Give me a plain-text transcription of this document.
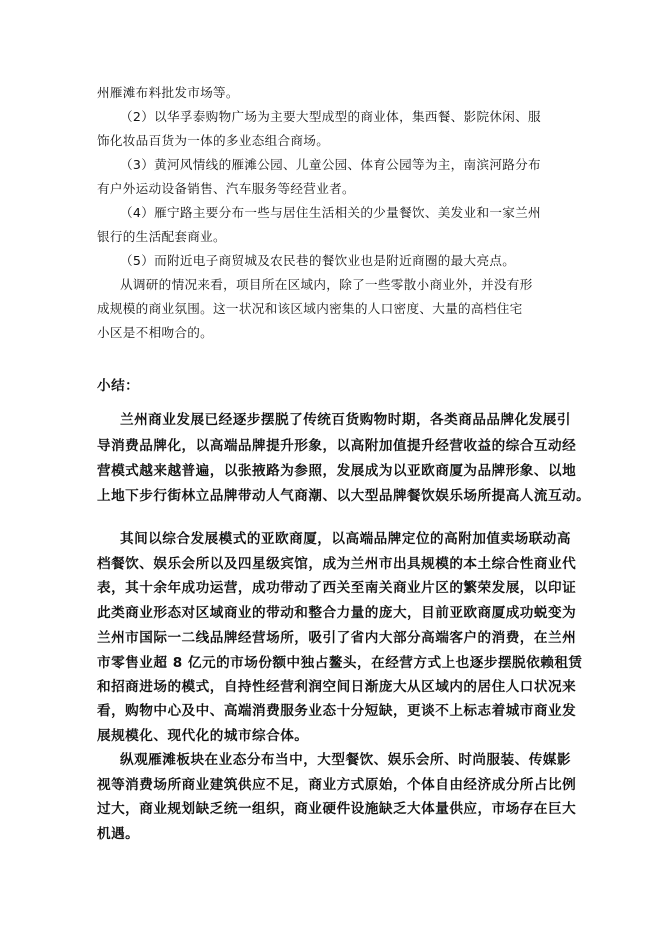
州雁滩布料批发市场等。
（2）以华孚泰购物广场为主要大型成型的商业体，集西餐、影院休闲、服
饰化妆品百货为一体的多业态组合商场。
（3）黄河风情线的雁滩公园、儿童公园、体育公园等为主，南滨河路分布
有户外运动设备销售、汽车服务等经营业者。
（4）雁宁路主要分布一些与居住生活相关的少量餐饮、美发业和一家兰州
银行的生活配套商业。
（5）而附近电子商贸城及农民巷的餐饮业也是附近商圈的最大亮点。
从调研的情况来看，项目所在区域内，除了一些零散小商业外，并没有形
成规模的商业氛围。这一状况和该区域内密集的人口密度、大量的高档住宅
小区是不相吻合的。
小结：
兰州商业发展已经逐步摆脱了传统百货购物时期，各类商品品牌化发展引
导消费品牌化，以高端品牌提升形象，以高附加值提升经营收益的综合互动经
营模式越来越普遍，以张掖路为参照，发展成为以亚欧商厦为品牌形象、以地
上地下步行街林立品牌带动人气商潮、以大型品牌餐饮娱乐场所提高人流互动。
其间以综合发展模式的亚欧商厦，以高端品牌定位的高附加值卖场联动高
档餐饮、娱乐会所以及四星级宾馆，成为兰州市出具规模的本土综合性商业代
表，其十余年成功运营，成功带动了西关至南关商业片区的繁荣发展，以印证
此类商业形态对区域商业的带动和整合力量的庞大，目前亚欧商厦成功蜕变为
兰州市国际一二线品牌经营场所，吸引了省内大部分高端客户的消费，在兰州
市零售业超 8 亿元的市场份额中独占鳌头，在经营方式上也逐步摆脱依赖租赁
和招商进场的模式，自持性经营利润空间日渐庞大从区域内的居住人口状况来
看，购物中心及中、高端消费服务业态十分短缺，更谈不上标志着城市商业发
展规模化、现代化的城市综合体。
纵观雁滩板块在业态分布当中，大型餐饮、娱乐会所、时尚服装、传媒影
视等消费场所商业建筑供应不足，商业方式原始，个体自由经济成分所占比例
过大，商业规划缺乏统一组织，商业硬件设施缺乏大体量供应，市场存在巨大
机遇。
